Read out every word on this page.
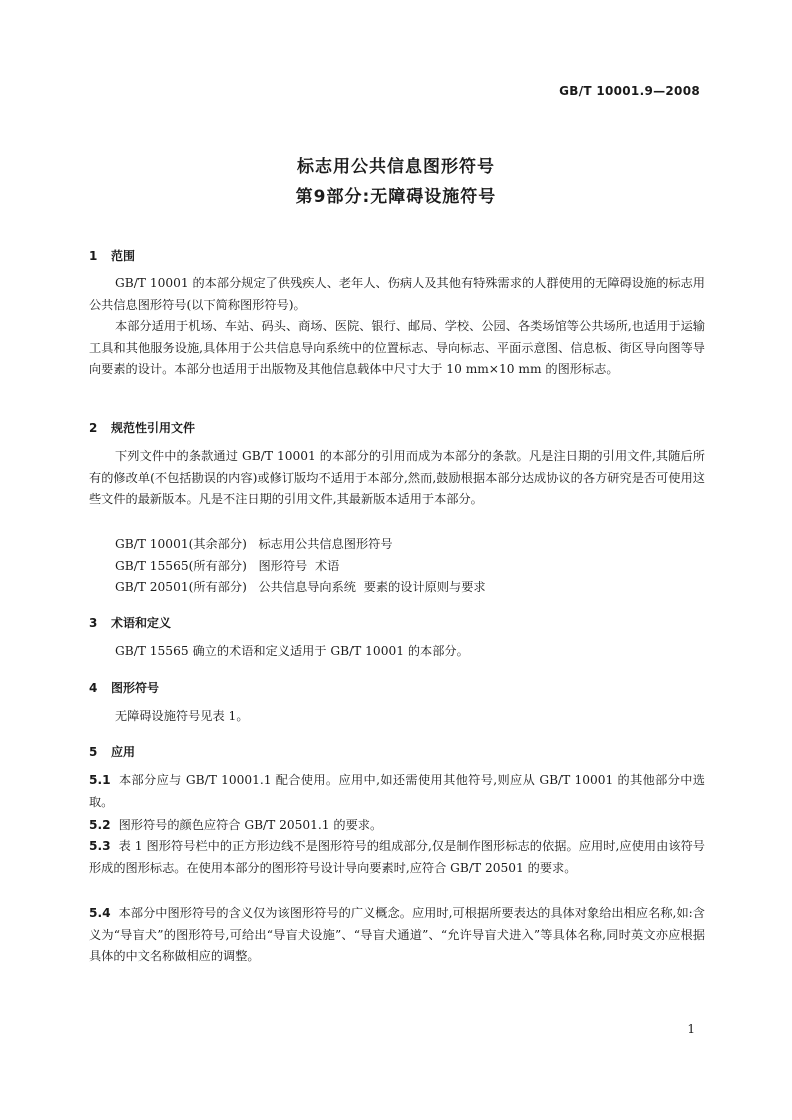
GB/T 10001.9—2008
标志用公共信息图形符号
第9部分:无障碍设施符号
1 范围
GB/T 10001 的本部分规定了供残疾人、老年人、伤病人及其他有特殊需求的人群使用的无障碍设施的标志用公共信息图形符号(以下简称图形符号)。
本部分适用于机场、车站、码头、商场、医院、银行、邮局、学校、公园、各类场馆等公共场所,也适用于运输工具和其他服务设施,具体用于公共信息导向系统中的位置标志、导向标志、平面示意图、信息板、街区导向图等导向要素的设计。本部分也适用于出版物及其他信息载体中尺寸大于 10 mm×10 mm 的图形标志。
2 规范性引用文件
下列文件中的条款通过 GB/T 10001 的本部分的引用而成为本部分的条款。凡是注日期的引用文件,其随后所有的修改单(不包括勘误的内容)或修订版均不适用于本部分,然而,鼓励根据本部分达成协议的各方研究是否可使用这些文件的最新版本。凡是不注日期的引用文件,其最新版本适用于本部分。
GB/T 10001(其余部分)   标志用公共信息图形符号
GB/T 15565(所有部分)   图形符号  术语
GB/T 20501(所有部分)   公共信息导向系统  要素的设计原则与要求
3 术语和定义
GB/T 15565 确立的术语和定义适用于 GB/T 10001 的本部分。
4 图形符号
无障碍设施符号见表 1。
5 应用
5.1 本部分应与 GB/T 10001.1 配合使用。应用中,如还需使用其他符号,则应从 GB/T 10001 的其他部分中选取。
5.2 图形符号的颜色应符合 GB/T 20501.1 的要求。
5.3 表 1 图形符号栏中的正方形边线不是图形符号的组成部分,仅是制作图形标志的依据。应用时,应使用由该符号形成的图形标志。在使用本部分的图形符号设计导向要素时,应符合 GB/T 20501 的要求。
5.4 本部分中图形符号的含义仅为该图形符号的广义概念。应用时,可根据所要表达的具体对象给出相应名称,如:含义为“导盲犬”的图形符号,可给出“导盲犬设施”、“导盲犬通道”、“允许导盲犬进入”等具体名称,同时英文亦应根据具体的中文名称做相应的调整。
1
